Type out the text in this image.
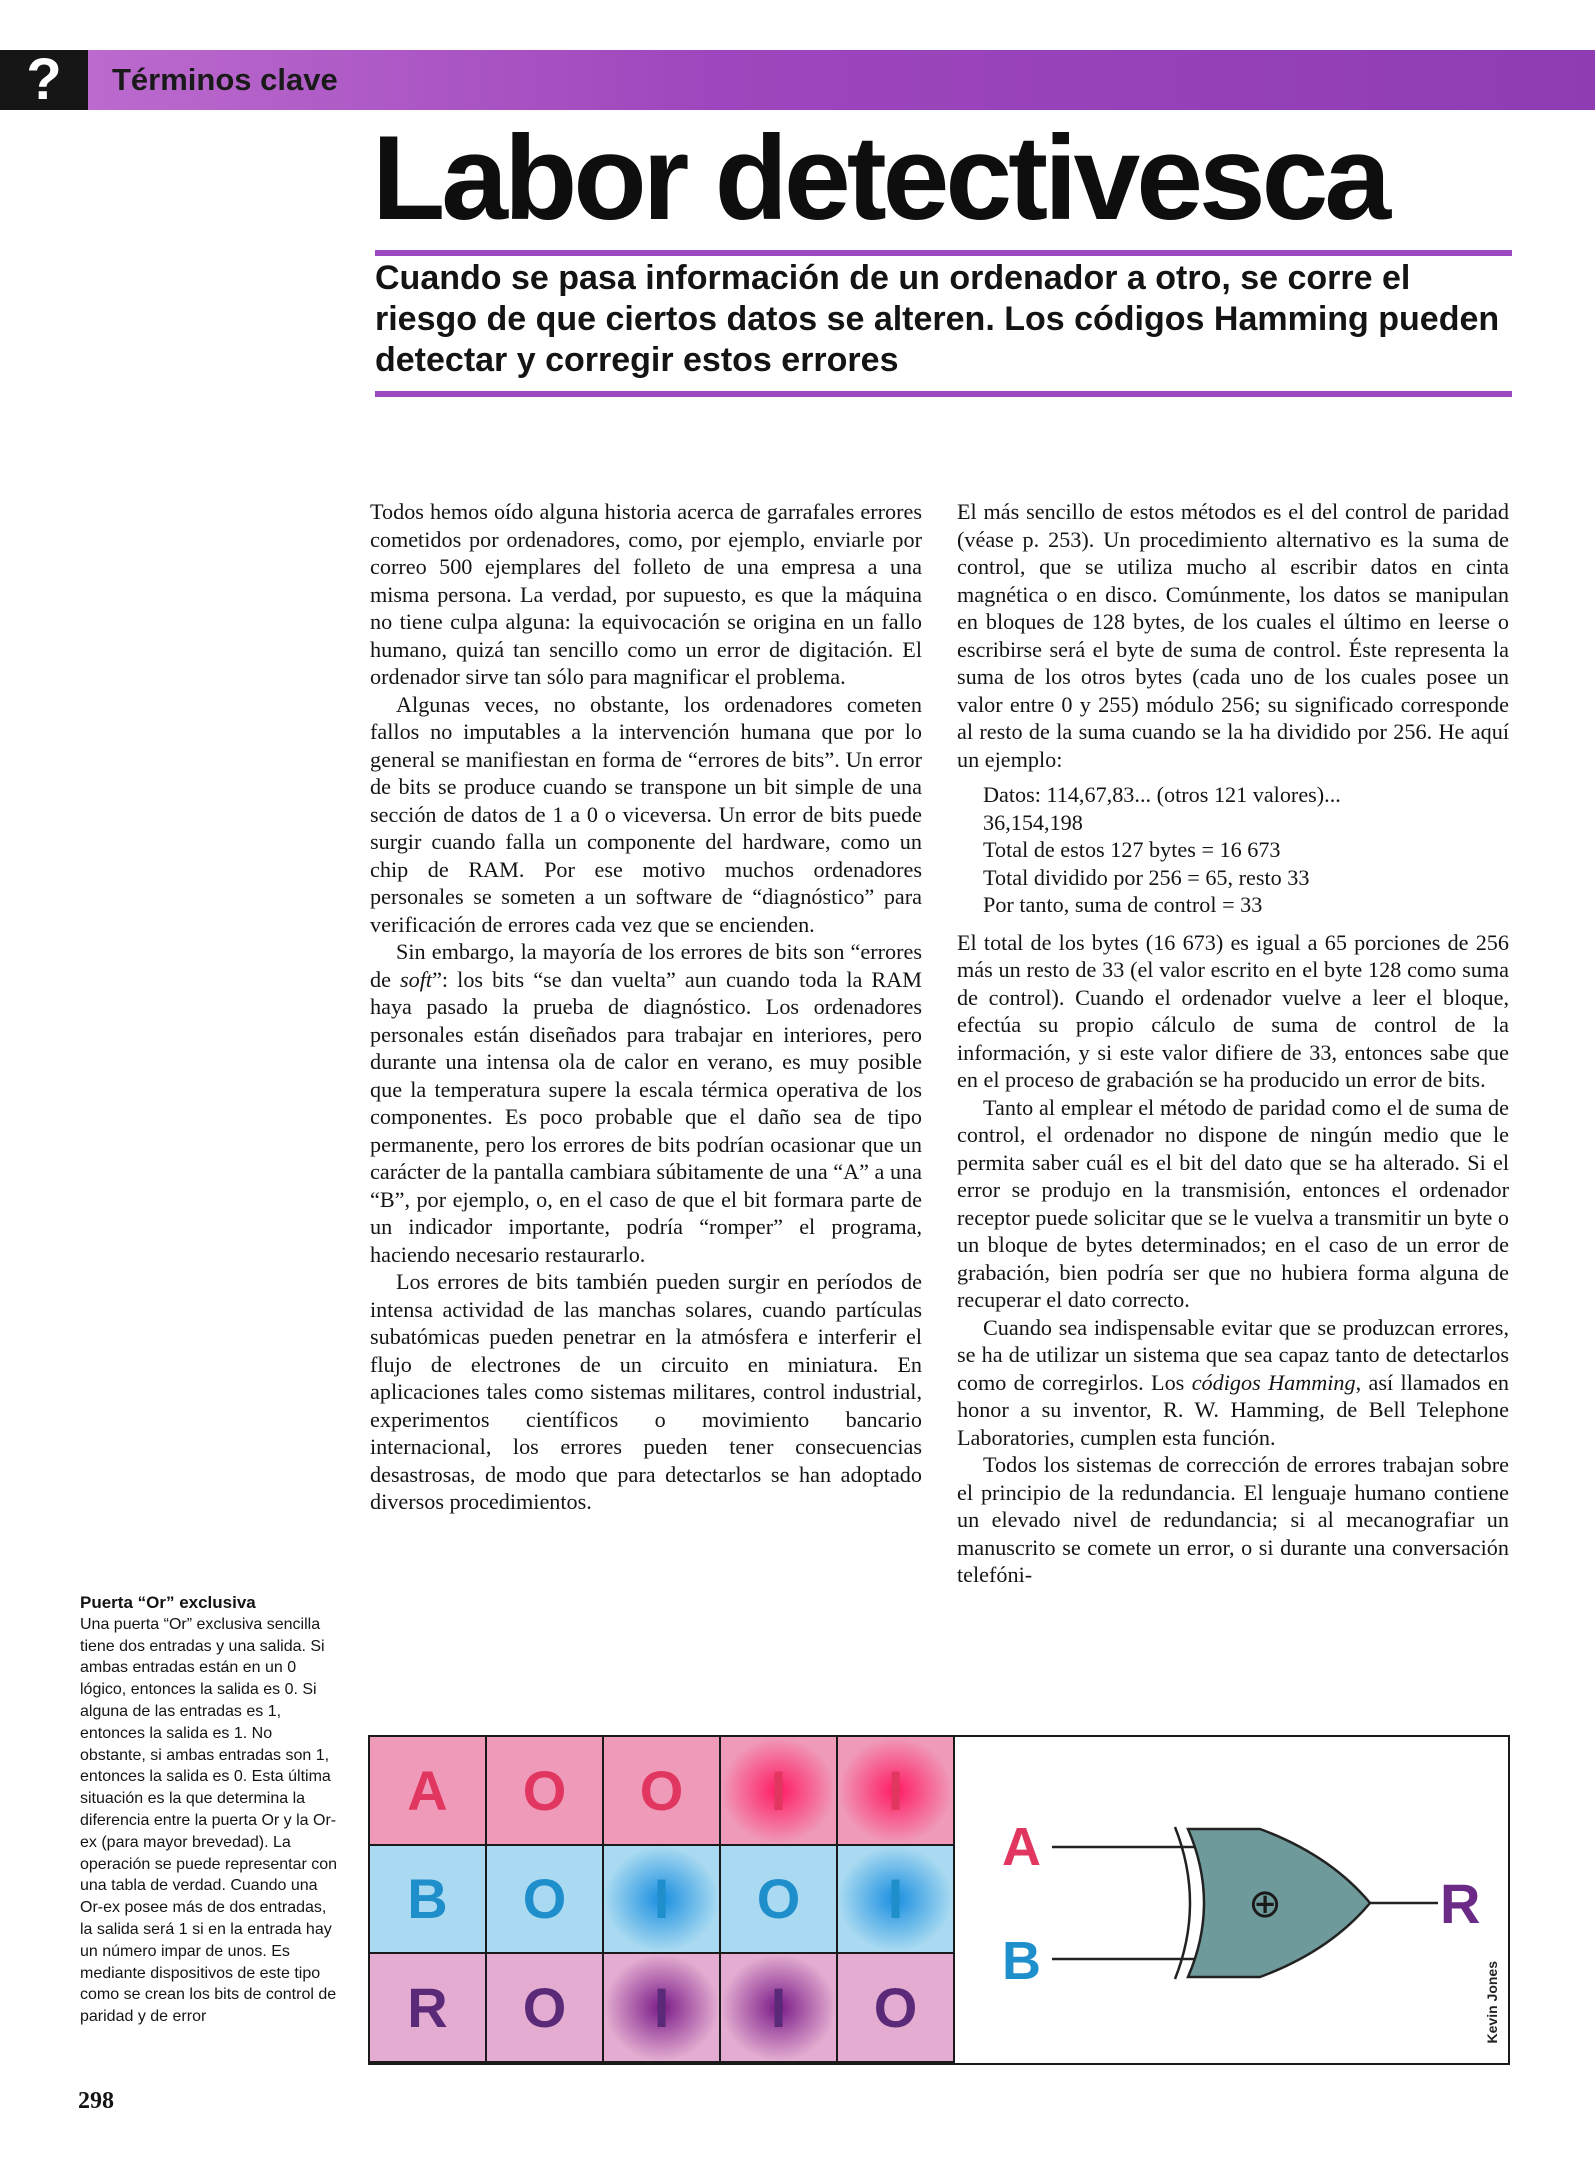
?	Términos clave
Labor detectivesca

Cuando se pasa información de un ordenador a otro, se corre el riesgo de que ciertos datos se alteren. Los códigos Hamming pueden detectar y corregir estos errores

Todos hemos oído alguna historia acerca de garrafales errores cometidos por ordenadores, como, por ejemplo, enviarle por correo 500 ejemplares del folleto de una empresa a una misma persona. La verdad, por supuesto, es que la máquina no tiene culpa alguna: la equivocación se origina en un fallo humano, quizá tan sencillo como un error de digitación. El ordenador sirve tan sólo para magnificar el problema.

Algunas veces, no obstante, los ordenadores cometen fallos no imputables a la intervención humana que por lo general se manifiestan en forma de “errores de bits”. Un error de bits se produce cuando se transpone un bit simple de una sección de datos de 1 a 0 o viceversa. Un error de bits puede surgir cuando falla un componente del hardware, como un chip de RAM. Por ese motivo muchos ordenadores personales se someten a un software de “diagnóstico” para verificación de errores cada vez que se encienden.

Sin embargo, la mayoría de los errores de bits son “errores de soft”: los bits “se dan vuelta” aun cuando toda la RAM haya pasado la prueba de diagnóstico. Los ordenadores personales están diseñados para trabajar en interiores, pero durante una intensa ola de calor en verano, es muy posible que la temperatura supere la escala térmica operativa de los componentes. Es poco probable que el daño sea de tipo permanente, pero los errores de bits podrían ocasionar que un carácter de la pantalla cambiara súbitamente de una “A” a una “B”, por ejemplo, o, en el caso de que el bit formara parte de un indicador importante, podría “romper” el programa, haciendo necesario restaurarlo.

Los errores de bits también pueden surgir en períodos de intensa actividad de las manchas solares, cuando partículas subatómicas pueden penetrar en la atmósfera e interferir el flujo de electrones de un circuito en miniatura. En aplicaciones tales como sistemas militares, control industrial, experimentos científicos o movimiento bancario internacional, los errores pueden tener consecuencias desastrosas, de modo que para detectarlos se han adoptado diversos procedimientos.

El más sencillo de estos métodos es el del control de paridad (véase p. 253). Un procedimiento alternativo es la suma de control, que se utiliza mucho al escribir datos en cinta magnética o en disco. Comúnmente, los datos se manipulan en bloques de 128 bytes, de los cuales el último en leerse o escribirse será el byte de suma de control. Éste representa la suma de los otros bytes (cada uno de los cuales posee un valor entre 0 y 255) módulo 256; su significado corresponde al resto de la suma cuando se la ha dividido por 256. He aquí un ejemplo:

Datos: 114,67,83... (otros 121 valores)...
36,154,198
Total de estos 127 bytes = 16 673
Total dividido por 256 = 65, resto 33
Por tanto, suma de control = 33

El total de los bytes (16 673) es igual a 65 porciones de 256 más un resto de 33 (el valor escrito en el byte 128 como suma de control). Cuando el ordenador vuelve a leer el bloque, efectúa su propio cálculo de suma de control de la información, y si este valor difiere de 33, entonces sabe que en el proceso de grabación se ha producido un error de bits.

Tanto al emplear el método de paridad como el de suma de control, el ordenador no dispone de ningún medio que le permita saber cuál es el bit del dato que se ha alterado. Si el error se produjo en la transmisión, entonces el ordenador receptor puede solicitar que se le vuelva a transmitir un byte o un bloque de bytes determinados; en el caso de un error de grabación, bien podría ser que no hubiera forma alguna de recuperar el dato correcto.

Cuando sea indispensable evitar que se produzcan errores, se ha de utilizar un sistema que sea capaz tanto de detectarlos como de corregirlos. Los códigos Hamming, así llamados en honor a su inventor, R. W. Hamming, de Bell Telephone Laboratories, cumplen esta función.

Todos los sistemas de corrección de errores trabajan sobre el principio de la redundancia. El lenguaje humano contiene un elevado nivel de redundancia; si al mecanografiar un manuscrito se comete un error, o si durante una conversación telefóni-

Puerta “Or” exclusiva
Una puerta “Or” exclusiva sencilla tiene dos entradas y una salida. Si ambas entradas están en un 0 lógico, entonces la salida es 0. Si alguna de las entradas es 1, entonces la salida es 1. No obstante, si ambas entradas son 1, entonces la salida es 0. Esta última situación es la que determina la diferencia entre la puerta Or y la Or-ex (para mayor brevedad). La operación se puede representar con una tabla de verdad. Cuando una Or-ex posee más de dos entradas, la salida será 1 si en la entrada hay un número impar de unos. Es mediante dispositivos de este tipo como se crean los bits de control de paridad y de error
A	O	O	I	I
B	O	I	O	I
R	O	I	I	O
A
B
R
⊕
Kevin Jones
298
